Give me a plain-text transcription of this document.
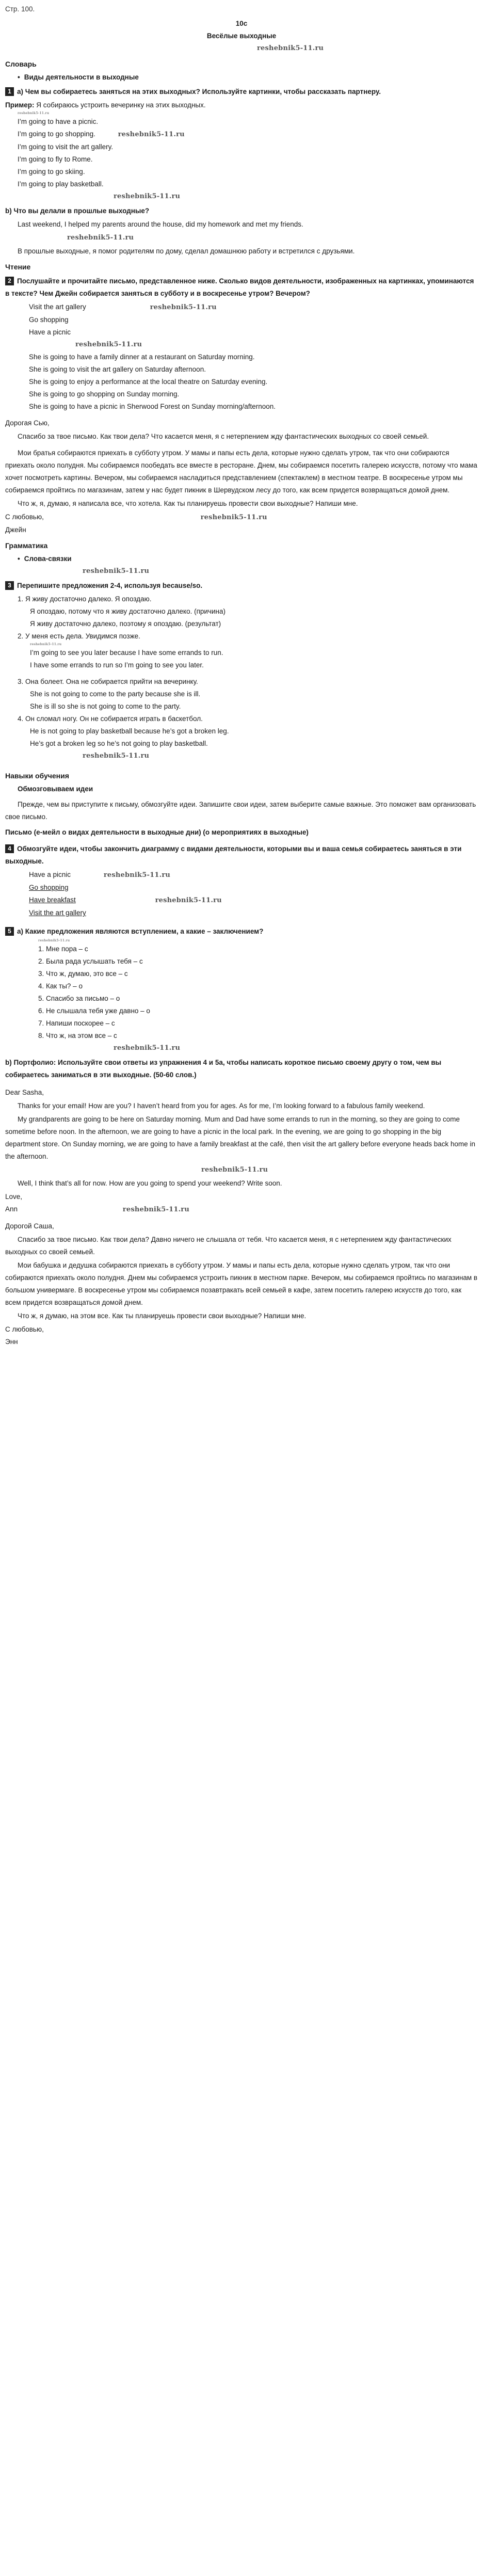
Стр. 100.
10c
Весёлые выходные
reshebnik5-11.ru
Словарь
• Виды деятельности в выходные
1 a) Чем вы собираетесь заняться на этих выходных? Используйте картинки, чтобы рассказать партнеру.
Пример: Я собираюсь устроить вечеринку на этих выходных.
reshebnik5-11.ru
I’m going to have a picnic.
I’m going to go shopping.	reshebnik5-11.ru
I’m going to visit the art gallery.
I’m going to fly to Rome.
I’m going to go skiing.
I’m going to play basketball.
reshebnik5-11.ru
b) Что вы делали в прошлые выходные?
Last weekend, I helped my parents around the house, did my homework and met my friends.
reshebnik5-11.ru
В прошлые выходные, я помог родителям по дому, сделал домашнюю работу и встретился с друзьями.
Чтение
2 Послушайте и прочитайте письмо, представленное ниже. Сколько видов деятельности, изображенных на картинках, упоминаются в тексте? Чем Джейн собирается заняться в субботу и в воскресенье утром? Вечером?
Visit the art gallery	reshebnik5-11.ru
Go shopping
Have a picnic
reshebnik5-11.ru
She is going to have a family dinner at a restaurant on Saturday morning.
She is going to visit the art gallery on Saturday afternoon.
She is going to enjoy a performance at the local theatre on Saturday evening.
She is going to go shopping on Sunday morning.
She is going to have a picnic in Sherwood Forest on Sunday morning/afternoon.
Дорогая Сью,
Спасибо за твое письмо. Как твои дела? Что касается меня, я с нетерпением жду фантастических выходных со своей семьей.
Мои братья собираются приехать в субботу утром. У мамы и папы есть дела, которые нужно сделать утром, так что они собираются приехать около полудня. Мы собираемся пообедать все вместе в ресторане. Днем, мы собираемся посетить галерею искусств, потому что мама хочет посмотреть картины. Вечером, мы собираемся насладиться представлением (спектаклем) в местном театре. В воскресенье утром мы собираемся пройтись по магазинам, затем у нас будет пикник в Шервудском лесу до того, как всем придется возвращаться домой днем.
Что ж, я, думаю, я написала все, что хотела. Как ты планируешь провести свои выходные? Напиши мне.
С любовью,	reshebnik5-11.ru
Джейн
Грамматика
• Слова-связки
reshebnik5-11.ru
3 Перепишите предложения 2-4, используя because/so.
1. Я живу достаточно далеко. Я опоздаю.
Я опоздаю, потому что я живу достаточно далеко. (причина)
Я живу достаточно далеко, поэтому я опоздаю. (результат)
2. У меня есть дела. Увидимся позже.
reshebnik5-11.ru
I’m going to see you later because I have some errands to run.
I have some errands to run so I’m going to see you later.
3. Она болеет. Она не собирается прийти на вечеринку.
She is not going to come to the party because she is ill.
She is ill so she is not going to come to the party.
4. Он сломал ногу. Он не собирается играть в баскетбол.
He is not going to play basketball because he’s got a broken leg.
He’s got a broken leg so he’s not going to play basketball.
reshebnik5-11.ru
Навыки обучения
Обмозговываем идеи
Прежде, чем вы приступите к письму, обмозгуйте идеи. Запишите свои идеи, затем выберите самые важные. Это поможет вам организовать свое письмо.
Письмо (е-мейл о видах деятельности в выходные дни) (о мероприятиях в выходные)
4 Обмозгуйте идеи, чтобы закончить диаграмму с видами деятельности, которыми вы и ваша семья собираетесь заняться в эти выходные.
Have a picnic	reshebnik5-11.ru
Go shopping
Have breakfast	reshebnik5-11.ru
Visit the art gallery
5 a) Какие предложения являются вступлением, а какие – заключением?
reshebnik5-11.ru
1. Мне пора – с
2. Была рада услышать тебя – с
3. Что ж, думаю, это все – с
4. Как ты? – о
5. Спасибо за письмо – о
6. Не слышала тебя уже давно – о
7. Напиши поскорее – с
8. Что ж, на этом все – с
reshebnik5-11.ru
b) Портфолио: Используйте свои ответы из упражнения 4 и 5а, чтобы написать короткое письмо своему другу о том, чем вы собираетесь заниматься в эти выходные. (50-60 слов.)
Dear Sasha,
Thanks for your email! How are you? I haven’t heard from you for ages. As for me, I’m looking forward to a fabulous family weekend.
My grandparents are going to be here on Saturday morning. Mum and Dad have some errands to run in the morning, so they are going to come sometime before noon. In the afternoon, we are going to have a picnic in the local park. In the evening, we are going to go shopping in the big department store. On Sunday morning, we are going to have a family breakfast at the café, then visit the art gallery before everyone heads back home in the afternoon.
reshebnik5-11.ru
Well, I think that’s all for now. How are you going to spend your weekend? Write soon.
Love,
Ann	reshebnik5-11.ru
Дорогой Саша,
Спасибо за твое письмо. Как твои дела? Давно ничего не слышала от тебя. Что касается меня, я с нетерпением жду фантастических выходных со своей семьей.
Мои бабушка и дедушка собираются приехать в субботу утром. У мамы и папы есть дела, которые нужно сделать утром, так что они собираются приехать около полудня. Днем мы собираемся устроить пикник в местном парке. Вечером, мы собираемся пройтись по магазинам в большом универмаге. В воскресенье утром мы собираемся позавтракать всей семьей в кафе, затем посетить галерею искусств до того, как всем придется возвращаться домой днем.
Что ж, я думаю, на этом все. Как ты планируешь провести свои выходные? Напиши мне.
С любовью,
Энн
